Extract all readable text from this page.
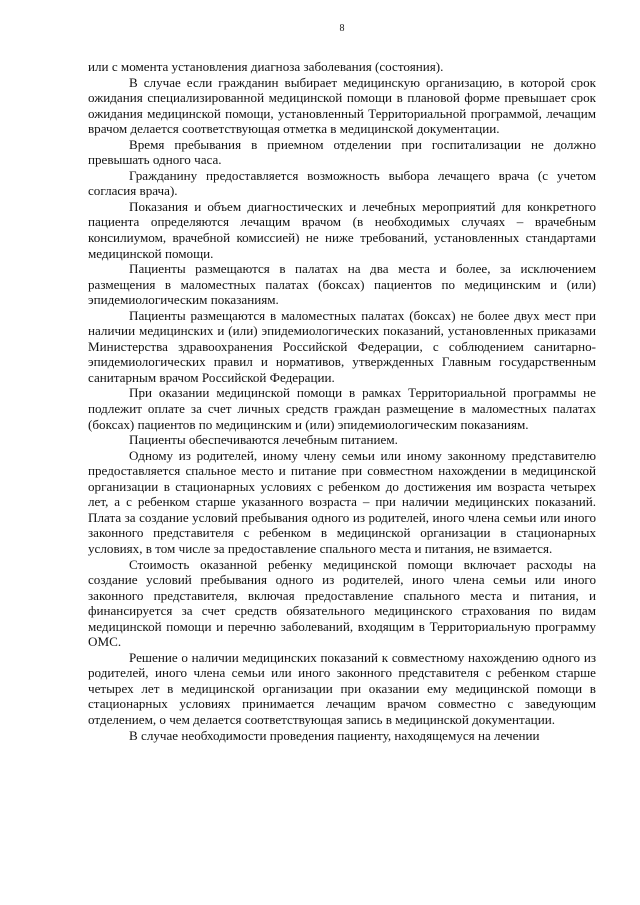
8

или с момента установления диагноза заболевания (состояния).

В случае если гражданин выбирает медицинскую организацию, в которой срок ожидания специализированной медицинской помощи в плановой форме превышает срок ожидания медицинской помощи, установленный Территориальной программой, лечащим врачом делается соответствующая отметка в медицинской документации.

Время пребывания в приемном отделении при госпитализации не должно превышать одного часа.

Гражданину предоставляется возможность выбора лечащего врача (с учетом согласия врача).

Показания и объем диагностических и лечебных мероприятий для конкретного пациента определяются лечащим врачом (в необходимых случаях – врачебным консилиумом, врачебной комиссией) не ниже требований, установленных стандартами медицинской помощи.

Пациенты размещаются в палатах на два места и более, за исключением размещения в маломестных палатах (боксах) пациентов по медицинским и (или) эпидемиологическим показаниям.

Пациенты размещаются в маломестных палатах (боксах) не более двух мест при наличии медицинских и (или) эпидемиологических показаний, установленных приказами Министерства здравоохранения Российской Федерации, с соблюдением санитарно-эпидемиологических правил и нормативов, утвержденных Главным государственным санитарным врачом Российской Федерации.

При оказании медицинской помощи в рамках Территориальной программы не подлежит оплате за счет личных средств граждан размещение в маломестных палатах (боксах) пациентов по медицинским и (или) эпидемиологическим показаниям.

Пациенты обеспечиваются лечебным питанием.

Одному из родителей, иному члену семьи или иному законному представителю предоставляется спальное место и питание при совместном нахождении в медицинской организации в стационарных условиях с ребенком до достижения им возраста четырех лет, а с ребенком старше указанного возраста – при наличии медицинских показаний. Плата за создание условий пребывания одного из родителей, иного члена семьи или иного законного представителя с ребенком в медицинской организации в стационарных условиях, в том числе за предоставление спального места и питания, не взимается.

Стоимость оказанной ребенку медицинской помощи включает расходы на создание условий пребывания одного из родителей, иного члена семьи или иного законного представителя, включая предоставление спального места и питания, и финансируется за счет средств обязательного медицинского страхования по видам медицинской помощи и перечню заболеваний, входящим в Территориальную программу ОМС.

Решение о наличии медицинских показаний к совместному нахождению одного из родителей, иного члена семьи или иного законного представителя с ребенком старше четырех лет в медицинской организации при оказании ему медицинской помощи в стационарных условиях принимается лечащим врачом совместно с заведующим отделением, о чем делается соответствующая запись в медицинской документации.

В случае необходимости проведения пациенту, находящемуся на лечении
